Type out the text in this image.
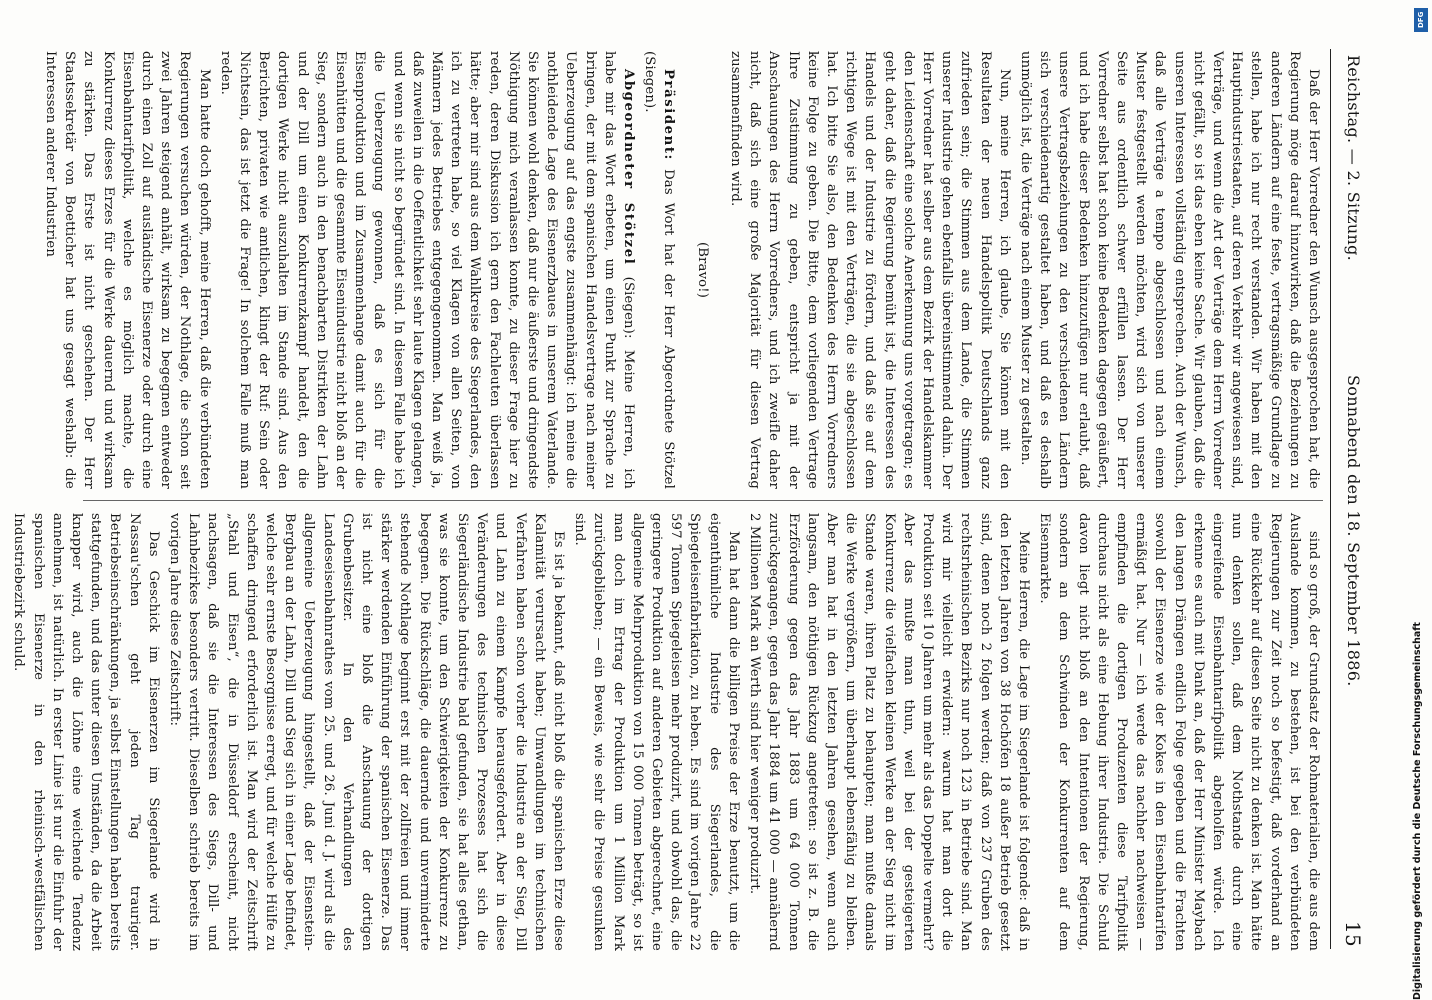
Reichstag. — 2. Sitzung.
Sonnabend den 18. September 1886.
15

Daß der Herr Vorredner den Wunsch ausgesprochen hat, die Regierung möge darauf hinzuwirken, daß die Beziehungen zu anderen Ländern auf eine feste, vertragsmäßige Grundlage zu stellen, habe ich nur recht verstanden. Wir haben mit den Hauptindustriestaaten, auf deren Verkehr wir angewiesen sind, Verträge, und wenn die Art der Verträge dem Herrn Vorredner nicht gefällt, so ist das eben keine Sache. Wir glauben, daß die unseren Interessen vollständig entsprechen. Auch der Wunsch, daß alle Verträge a tempo abgeschlossen und nach einem Muster festgestellt werden möchten, wird sich von unserer Seite aus ordentlich schwer erfüllen lassen. Der Herr Vorredner selbst hat schon keine Bedenken dagegen geäußert, und ich habe dieser Bedenken hinzuzufügen nur erlaubt, daß unsere Vertragsbeziehungen zu den verschiedenen Ländern sich verschiedenartig gestaltet haben, und daß es deshalb unmöglich ist, die Verträge nach einem Muster zu gestalten.

Nun, meine Herren, ich glaube, Sie können mit den Resultaten der neuen Handelspolitik Deutschlands ganz zufrieden sein; die Stimmen aus dem Lande, die Stimmen unserer Industrie gehen ebenfalls übereinstimmend dahin. Der Herr Vorredner hat selber aus dem Bezirk der Handelskammer den Leidenschaft eine solche Anerkennung uns vorgetragen; es geht daher, daß die Regierung bemüht ist, die Interessen des Handels und der Industrie zu fördern, und daß sie auf dem richtigen Wege ist mit den Verträgen, die sie abgeschlossen hat. Ich bitte Sie also, den Bedenken des Herrn Vorredners keine Folge zu geben. Die Bitte, dem vorliegenden Vertrage Ihre Zustimmung zu geben, entspricht ja mit der Anschauungen des Herrn Vorredners, und ich zweifle daher nicht, daß sich eine große Majorität für diesen Vertrag zusammenfinden wird.

(Bravo!)

Präsident: Das Wort hat der Herr Abgeordnete Stötzel (Siegen).

Abgeordneter Stötzel (Siegen): Meine Herren, ich habe mir das Wort erbeten, um einen Punkt zur Sprache zu bringen, der mit dem spanischen Handelsvertrage nach meiner Ueberzeugung auf das engste zusammenhängt: ich meine die nothleidende Lage des Eisenerzbaues in unserem Vaterlande. Sie können wohl denken, daß nur die äußerste und dringendste Nöthigung mich veranlassen konnte, zu dieser Frage hier zu reden, deren Diskussion ich gern den Fachleuten überlassen hätte; aber mir sind aus dem Wahlkreise des Siegerlandes, den ich zu vertreten habe, so viel Klagen von allen Seiten, von Männern jedes Betriebes entgegengenommen. Man weiß ja, daß zuweilen in die Oeffentlichkeit sehr laute Klagen gelangen, und wenn sie nicht so begründet sind. In diesem Falle habe ich die Ueberzeugung gewonnen, daß es sich für die Eisenproduktion und im Zusammenhange damit auch für die Eisenhütten und die gesammte Eisenindustrie nicht bloß an der Sieg, sondern auch in den benachbarten Distrikten der Lahn und der Dill um einen Konkurrenzkampf handelt, den die dortigen Werke nicht auszuhalten im Stande sind. Aus den Berichten, privaten wie amtlichen, klingt der Ruf: Sein oder Nichtsein, das ist jetzt die Frage! In solchem Falle muß man reden.

Man hatte doch gehofft, meine Herren, daß die verbündeten Regierungen versuchen würden, der Nothlage, die schon seit zwei Jahren steigend anhält, wirksam zu begegnen entweder durch einen Zoll auf ausländische Eisenerze oder durch eine Eisenbahntarifpolitik, welche es möglich machte, die Konkurrenz dieses Erzes für die Werke dauernd und wirksam zu stärken. Das Erste ist nicht geschehen. Der Herr Staatssekretär von Boetticher hat uns gesagt weshalb: die Interessen anderer Industrien

sind so groß, der Grundsatz der Rohmaterialien, die aus dem Auslande kommen, zu bestehen, ist bei den verbündeten Regierungen zur Zeit noch so befestigt, daß vorderhand an eine Rückkehr auf diesen Seite nicht zu denken ist. Man hätte nun denken sollen, daß dem Nothstande durch eine eingreifende Eisenbahntarifpolitik abgeholfen würde. Ich erkenne es auch mit Dank an, daß der Herr Minister Maybach den langen Drängen endlich Folge gegeben und die Frachten sowohl der Eisenerze wie der Kokes in den Eisenbahntarifen ermäßigt hat. Nur — ich werde das nachher nachweisen — empfinden die dortigen Produzenten diese Tarifpolitik durchaus nicht als eine Hebung ihrer Industrie. Die Schuld davon liegt nicht bloß an den Intentionen der Regierung, sondern an dem Schwinden der Konkurrenten auf dem Eisenmarkte.

Meine Herren, die Lage im Siegerlande ist folgende: daß in den letzten Jahren von 38 Hochöfen 18 außer Betrieb gesetzt sind, denen noch 2 folgen werden; daß von 237 Gruben des rechtsrheinischen Bezirks nur noch 123 in Betriebe sind. Man wird mir vielleicht erwidern: warum hat man dort die Produktion seit 10 Jahren um mehr als das Doppelte vermehrt? Aber das mußte man thun, weil bei der gesteigerten Konkurrenz die vielfachen kleinen Werke an der Sieg nicht im Stande waren, ihren Platz zu behaupten; man mußte damals die Werke vergrößern, um überhaupt lebensfähig zu bleiben. Aber man hat in den letzten Jahren gesehen, wenn auch langsam, den nöthigen Rückzug angetreten: so ist z. B. die Erzförderung gegen das Jahr 1883 um 64 000 Tonnen zurückgegangen, gegen das Jahr 1884 um 41 000 — annähernd 2 Millionen Mark an Werth sind hier weniger produzirt.

Man hat dann die billigen Preise der Erze benutzt, um die eigenthümliche Industrie des Siegerlandes, die Spiegeleisenfabrikation, zu heben. Es sind im vorigen Jahre 22 597 Tonnen Spiegeleisen mehr produzirt, und obwohl das, die geringere Produktion auf anderen Gebieten abgerechnet, eine allgemeine Mehrproduktion von 15 000 Tonnen beträgt, so ist man doch im Ertrag der Produktion um 1 Million Mark zurückgeblieben; — ein Beweis, wie sehr die Preise gesunken sind.

Es ist ja bekannt, daß nicht bloß die spanischen Erze diese Kalamität verursacht haben; Umwandlungen im technischen Verfahren haben schon vorher die Industrie an der Sieg, Dill und Lahn zu einem Kampfe herausgefordert. Aber in diese Veränderungen des technischen Prozesses hat sich die Siegerländische Industrie bald gefunden, sie hat alles gethan, was sie konnte, um den Schwierigkeiten der Konkurrenz zu begegnen. Die Rückschläge, die dauernde und unverminderte stehende Nothlage beginnt erst mit der zollfreien und immer stärker werdenden Einführung der spanischen Eisenerze. Das ist nicht eine bloß die Anschauung der dortigen Grubenbesitzer. In den Verhandlungen des Landeseisenbahnrathes vom 25. und 26. Juni d. J. wird als die allgemeine Ueberzeugung hingestellt, daß der Eisenstein-Bergbau an der Lahn, Dill und Sieg sich in einer Lage befindet, welche sehr ernste Besorgnisse erregt, und für welche Hülfe zu schaffen dringend erforderlich ist. Man wird der Zeitschrift „Stahl und Eisen“, die in Düsseldorf erscheint, nicht nachsagen, daß sie die Interessen des Siegs, Dill- und Lahnbezirkes besonders vertritt. Dieselben schrieb bereits im vorigen Jahre diese Zeitschrift:

Das Geschick im Eisenerzen im Siegerlande wird in Nassau'schen geht jeden Tag trauriger. Betriebseinschränkungen, ja selbst Einstellungen haben bereits stattgefunden, und das unter diesen Umständen, da die Arbeit knapper wird, auch die Löhne eine weichende Tendenz annehmen, ist natürlich. In erster Linie ist nur die Einfuhr der spanischen Eisenerze in den rheinisch-westfälischen Industriebezirk schuld.

Digitalisierung gefördert durch die Deutsche Forschungsgemeinschaft
DFG
